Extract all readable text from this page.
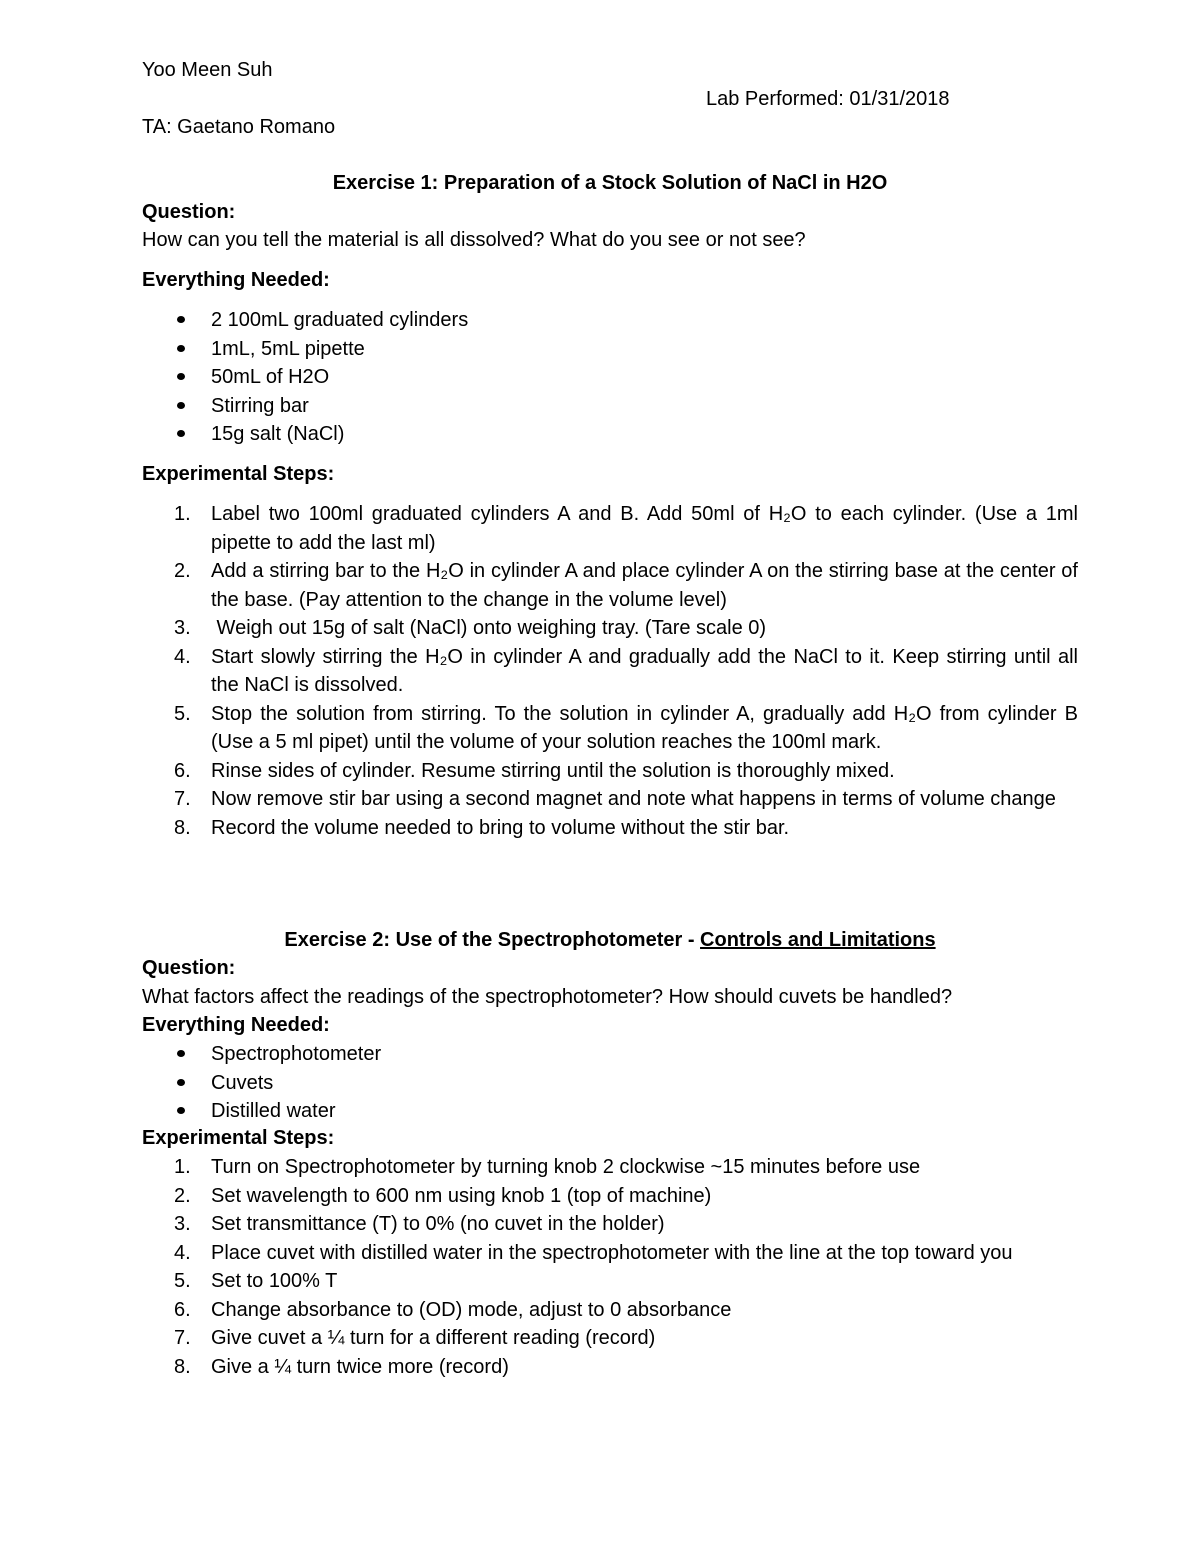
Yoo Meen Suh
Lab Performed: 01/31/2018
TA: Gaetano Romano
Exercise 1: Preparation of a Stock Solution of NaCl in H2O
Question:
How can you tell the material is all dissolved? What do you see or not see?
Everything Needed:
2 100mL graduated cylinders
1mL, 5mL pipette
50mL of H2O
Stirring bar
15g salt (NaCl)
Experimental Steps:
1. Label two 100ml graduated cylinders A and B. Add 50ml of H₂O to each cylinder. (Use a 1ml pipette to add the last ml)
2. Add a stirring bar to the H₂O in cylinder A and place cylinder A on the stirring base at the center of the base. (Pay attention to the change in the volume level)
3. Weigh out 15g of salt (NaCl) onto weighing tray. (Tare scale 0)
4. Start slowly stirring the H₂O in cylinder A and gradually add the NaCl to it. Keep stirring until all the NaCl is dissolved.
5. Stop the solution from stirring. To the solution in cylinder A, gradually add H₂O from cylinder B (Use a 5 ml pipet) until the volume of your solution reaches the 100ml mark.
6. Rinse sides of cylinder. Resume stirring until the solution is thoroughly mixed.
7. Now remove stir bar using a second magnet and note what happens in terms of volume change
8. Record the volume needed to bring to volume without the stir bar.
Exercise 2: Use of the Spectrophotometer - Controls and Limitations
Question:
What factors affect the readings of the spectrophotometer? How should cuvets be handled?
Everything Needed:
Spectrophotometer
Cuvets
Distilled water
Experimental Steps:
1. Turn on Spectrophotometer by turning knob 2 clockwise ~15 minutes before use
2. Set wavelength to 600 nm using knob 1 (top of machine)
3. Set transmittance (T) to 0% (no cuvet in the holder)
4. Place cuvet with distilled water in the spectrophotometer with the line at the top toward you
5. Set to 100% T
6. Change absorbance to (OD) mode, adjust to 0 absorbance
7. Give cuvet a ¼ turn for a different reading (record)
8. Give a ¼ turn twice more (record)
